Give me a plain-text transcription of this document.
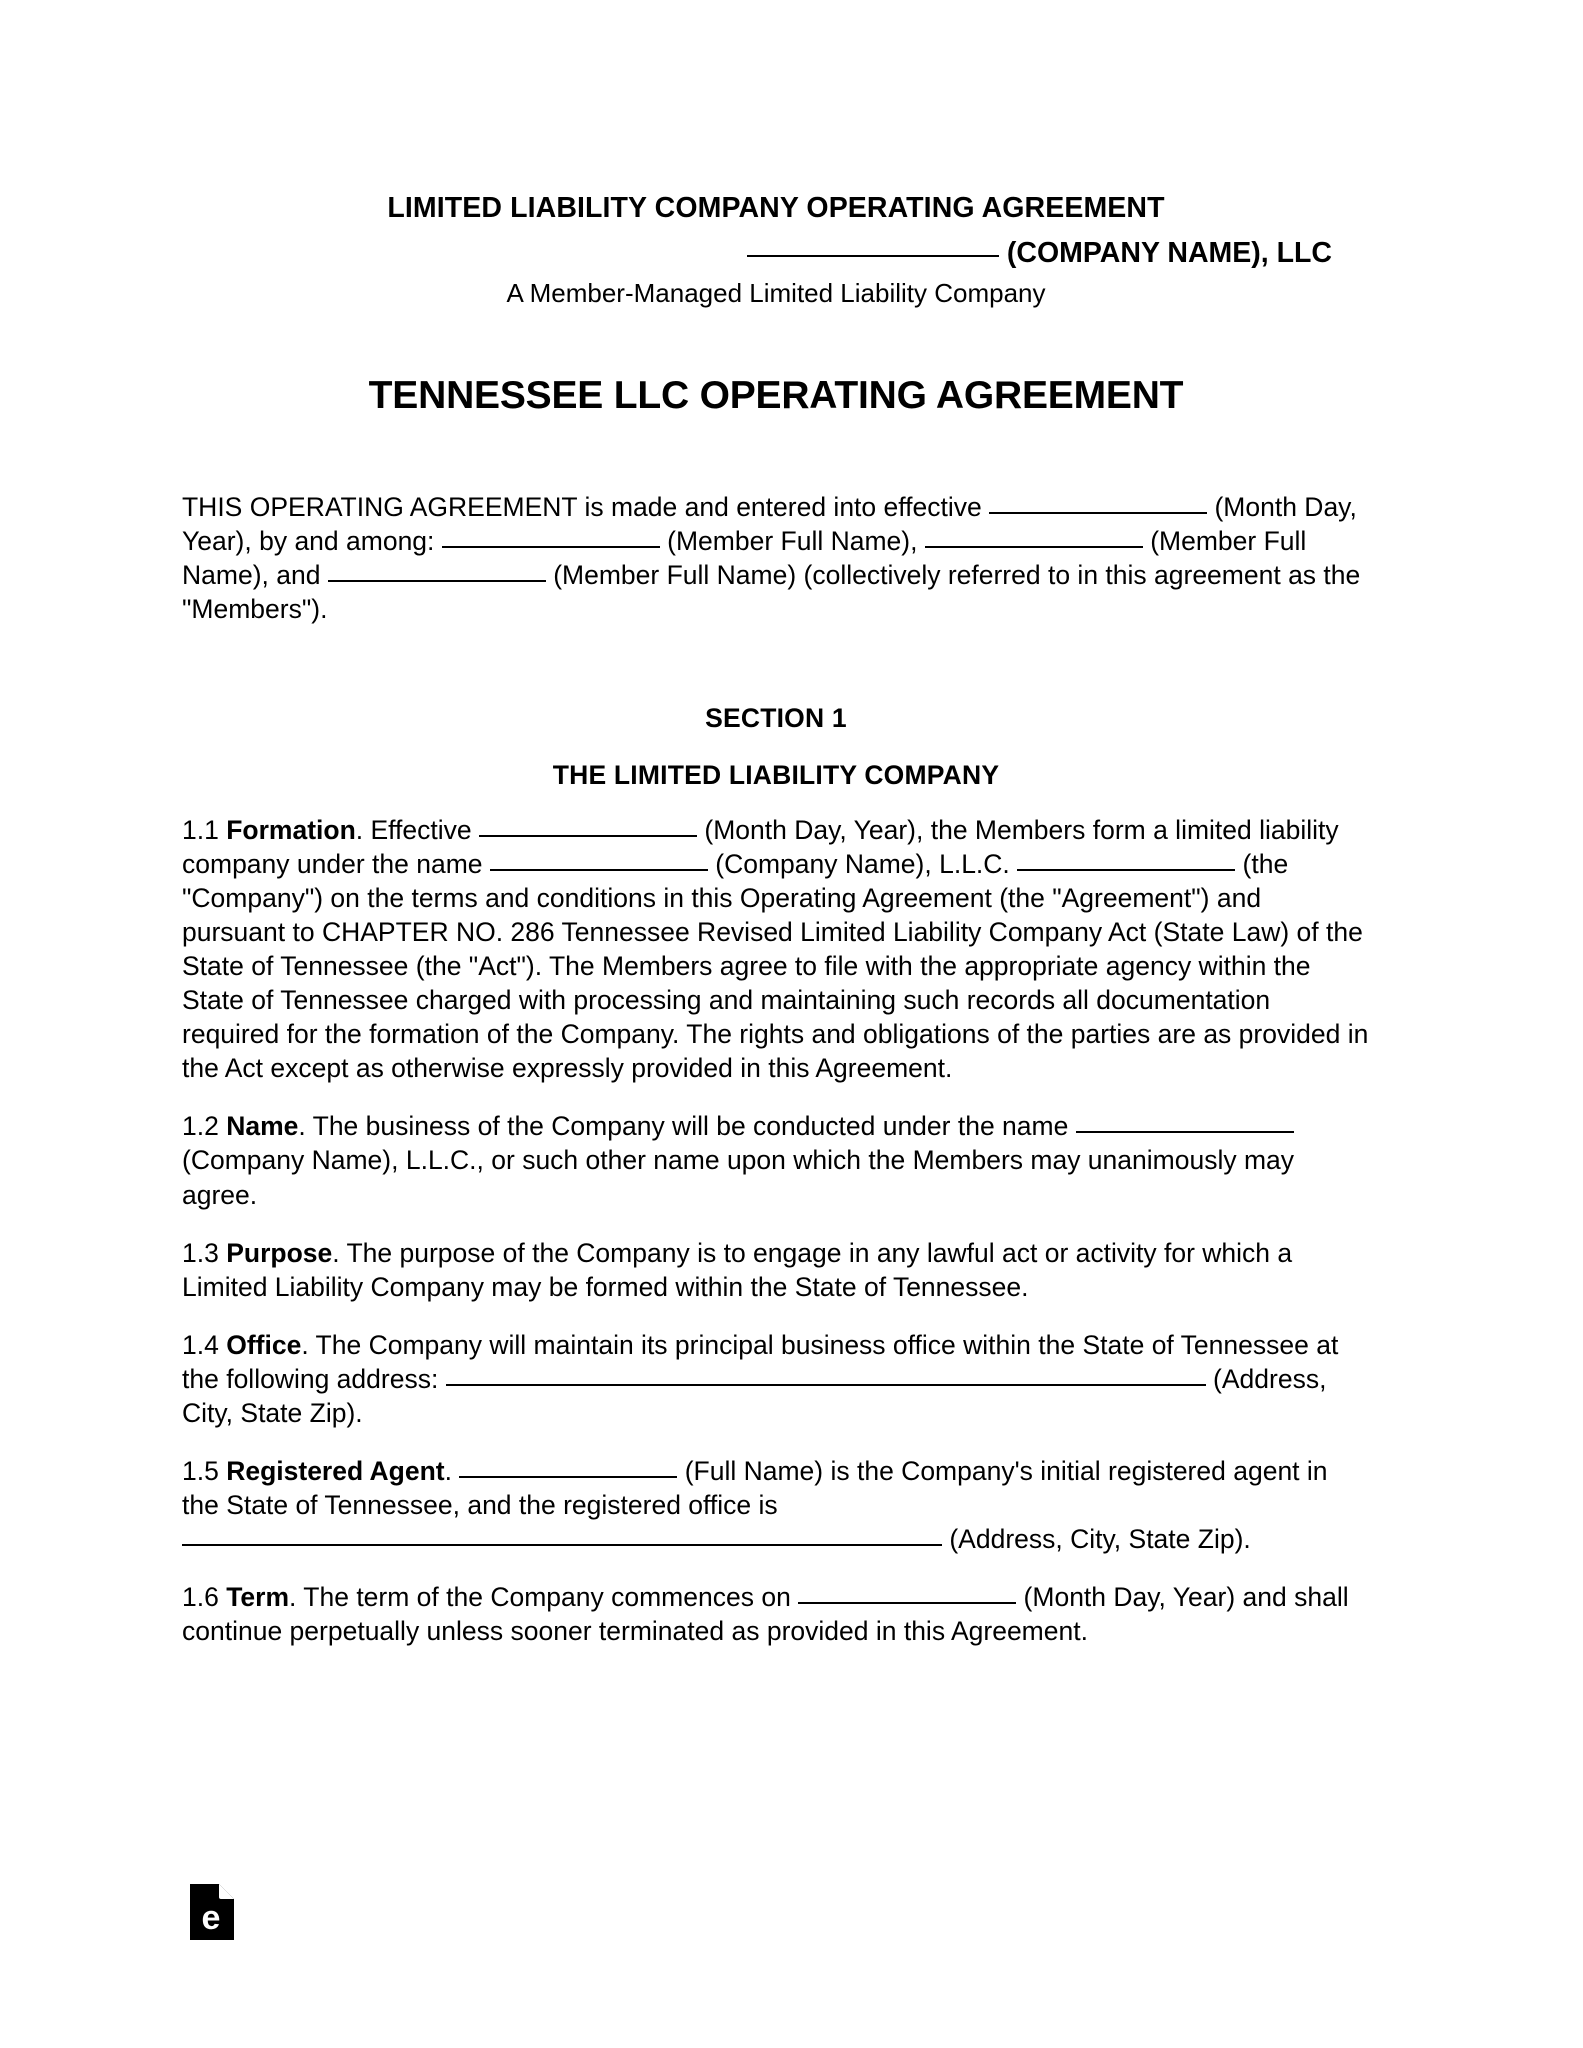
LIMITED LIABILITY COMPANY OPERATING AGREEMENT
(COMPANY NAME), LLC
A Member-Managed Limited Liability Company
TENNESSEE LLC OPERATING AGREEMENT

THIS OPERATING AGREEMENT is made and entered into effective	(Month Day, Year), by and among:	(Member Full Name),	(Member Full Name), and	(Member Full Name) (collectively referred to in this agreement as the "Members").

SECTION 1
THE LIMITED LIABILITY COMPANY

1.1 Formation. Effective	(Month Day, Year), the Members form a limited liability company under the name	(Company Name), L.L.C.	(the "Company") on the terms and conditions in this Operating Agreement (the "Agreement") and pursuant to CHAPTER NO. 286 Tennessee Revised Limited Liability Company Act (State Law) of the State of Tennessee (the "Act"). The Members agree to file with the appropriate agency within the State of Tennessee charged with processing and maintaining such records all documentation required for the formation of the Company. The rights and obligations of the parties are as provided in the Act except as otherwise expressly provided in this Agreement.

1.2 Name. The business of the Company will be conducted under the name  (Company Name), L.L.C., or such other name upon which the Members may unanimously may agree.

1.3 Purpose. The purpose of the Company is to engage in any lawful act or activity for which a Limited Liability Company may be formed within the State of Tennessee.

1.4 Office. The Company will maintain its principal business office within the State of Tennessee at the following address:	(Address, City, State Zip).

1.5 Registered Agent.	(Full Name) is the Company's initial registered agent in the State of Tennessee, and the registered office is  (Address, City, State Zip).

1.6 Term. The term of the Company commences on	(Month Day, Year) and shall continue perpetually unless sooner terminated as provided in this Agreement.

e
